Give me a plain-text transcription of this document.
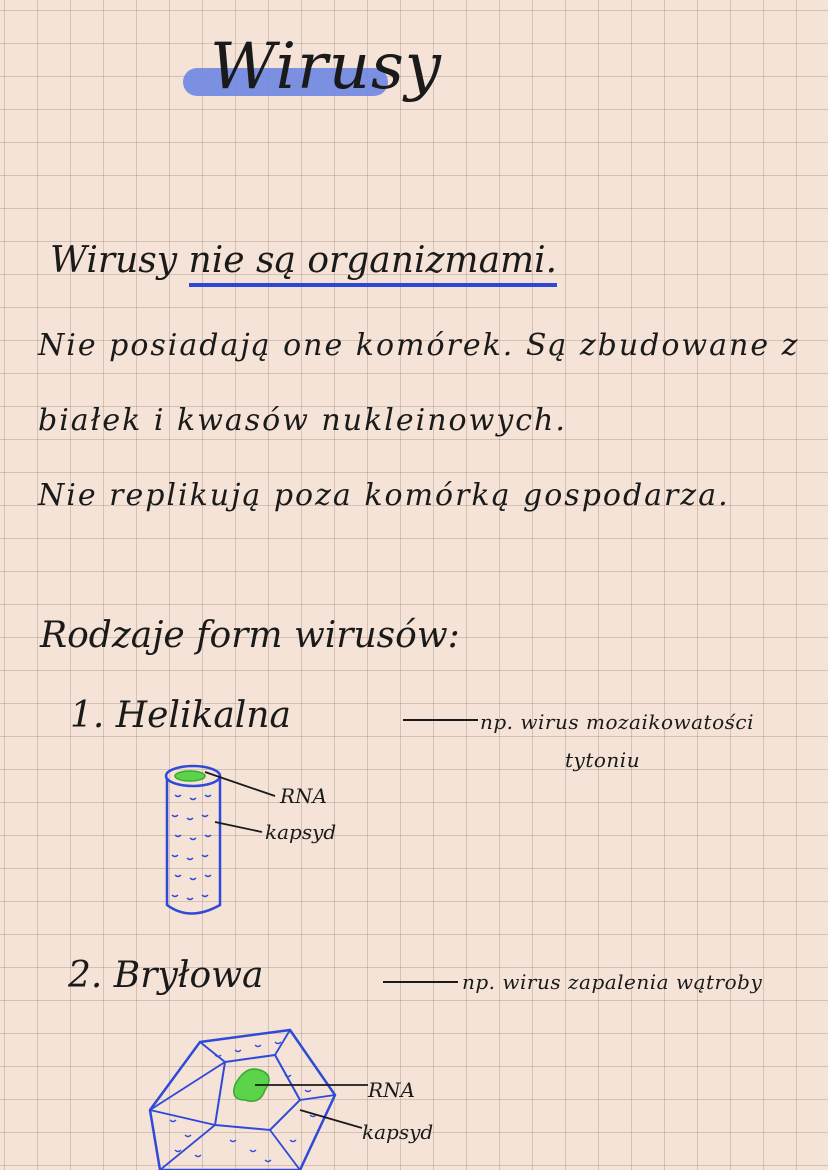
Wirusy
Wirusy nie są organizmami.
Nie posiadają one komórek. Są zbudowane z
białek i kwasów nukleinowych.
Nie replikują poza komórką gospodarza.
Rodzaje form wirusów:
1. Helikalna	np. wirus mozaikowatości
tytoniu
RNA
kapsyd
2. Bryłowa	np. wirus zapalenia wątroby
RNA
kapsyd
